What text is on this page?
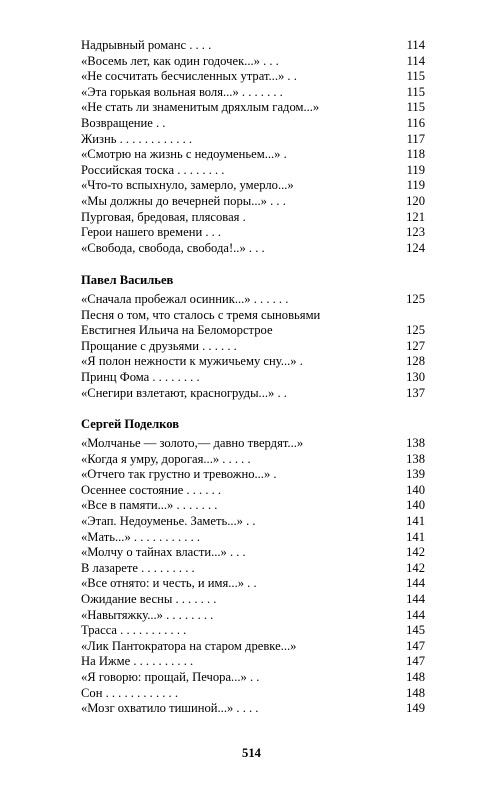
Надрывный романс . . . .	114
«Восемь лет, как один годочек...» . . .	114
«Не сосчитать бесчисленных утрат...» . .	115
«Эта горькая вольная воля...» . . . . . . .	115
«Не стать ли знаменитым дряхлым гадом...»	115
Возвращение . .	116
Жизнь . . . . . . . . . . . .	117
«Смотрю на жизнь с недоуменьем...» .	118
Российская тоска . . . . . . . .	119
«Что-то вспыхнуло, замерло, умерло...»	119
«Мы должны до вечерней поры...» . . .	120
Пурговая, бредовая, плясовая .	121
Герои нашего времени . . .	123
«Свобода, свобода, свобода!..» . . .	124
Павел Васильев
«Сначала пробежал осинник...» . . . . . .	125
Песня о том, что сталось с тремя сыновьями
Евстигнея Ильича на Беломорстрое	125
Прощание с друзьями . . . . . .	127
«Я полон нежности к мужичьему сну...» .	128
Принц Фома . . . . . . . .	130
«Снегири взлетают, красногруды...» . .	137
Сергей Поделков
«Молчанье — золото,— давно твердят...»	138
«Когда я умру, дорогая...» . . . . .	138
«Отчего так грустно и тревожно...» .	139
Осеннее состояние . . . . . .	140
«Все в памяти...» . . . . . . .	140
«Этап. Недоуменье. Заметь...» . .	141
«Мать...» . . . . . . . . . . .	141
«Молчу о тайнах власти...» . . .	142
В лазарете . . . . . . . . .	142
«Все отнято: и честь, и имя...» . .	144
Ожидание весны . . . . . . .	144
«Навытяжку...» . . . . . . . .	144
Трасса . . . . . . . . . . .	145
«Лик Пантократора на старом древке...»	147
На Ижме . . . . . . . . . .	147
«Я говорю: прощай, Печора...» . .	148
Сон . . . . . . . . . . . .	148
«Мозг охватило тишиной...» . . . .	149
514
